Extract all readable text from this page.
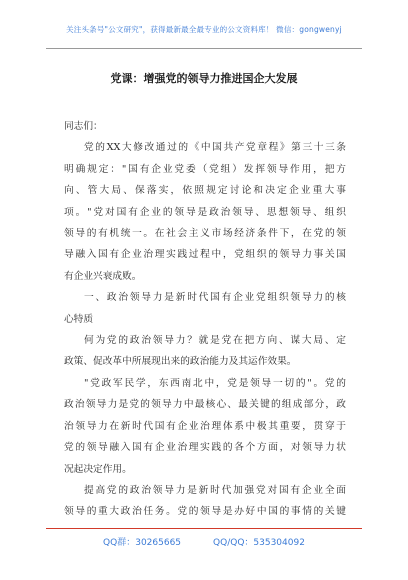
关注头条号"公文研究"，获得最新最全最专业的公文资料库！ 微信：gongwenyj
党课：增强党的领导力推进国企大发展
同志们：
党的XX大修改通过的《中国共产党章程》第三十三条
明确规定："国有企业党委（党组）发挥领导作用，把方
向、管大局、保落实，依照规定讨论和决定企业重大事
项。"党对国有企业的领导是政治领导、思想领导、组织
领导的有机统一。在社会主义市场经济条件下，在党的领
导融入国有企业治理实践过程中，党组织的领导力事关国
有企业兴衰成败。
一、政治领导力是新时代国有企业党组织领导力的核
心特质
何为党的政治领导力？就是党在把方向、谋大局、定
政策、促改革中所展现出来的政治能力及其运作效果。
"党政军民学，东西南北中，党是领导一切的"。党的
政治领导力是党的领导力中最核心、最关键的组成部分，政
治领导力在新时代国有企业治理体系中极其重要，贯穿于
党的领导融入国有企业治理实践的各个方面，对领导力状
况起决定作用。
提高党的政治领导力是新时代加强党对国有企业全面
领导的重大政治任务。党的领导是办好中国的事情的关键
QQ群：30265665	QQ/QQ：535304092
